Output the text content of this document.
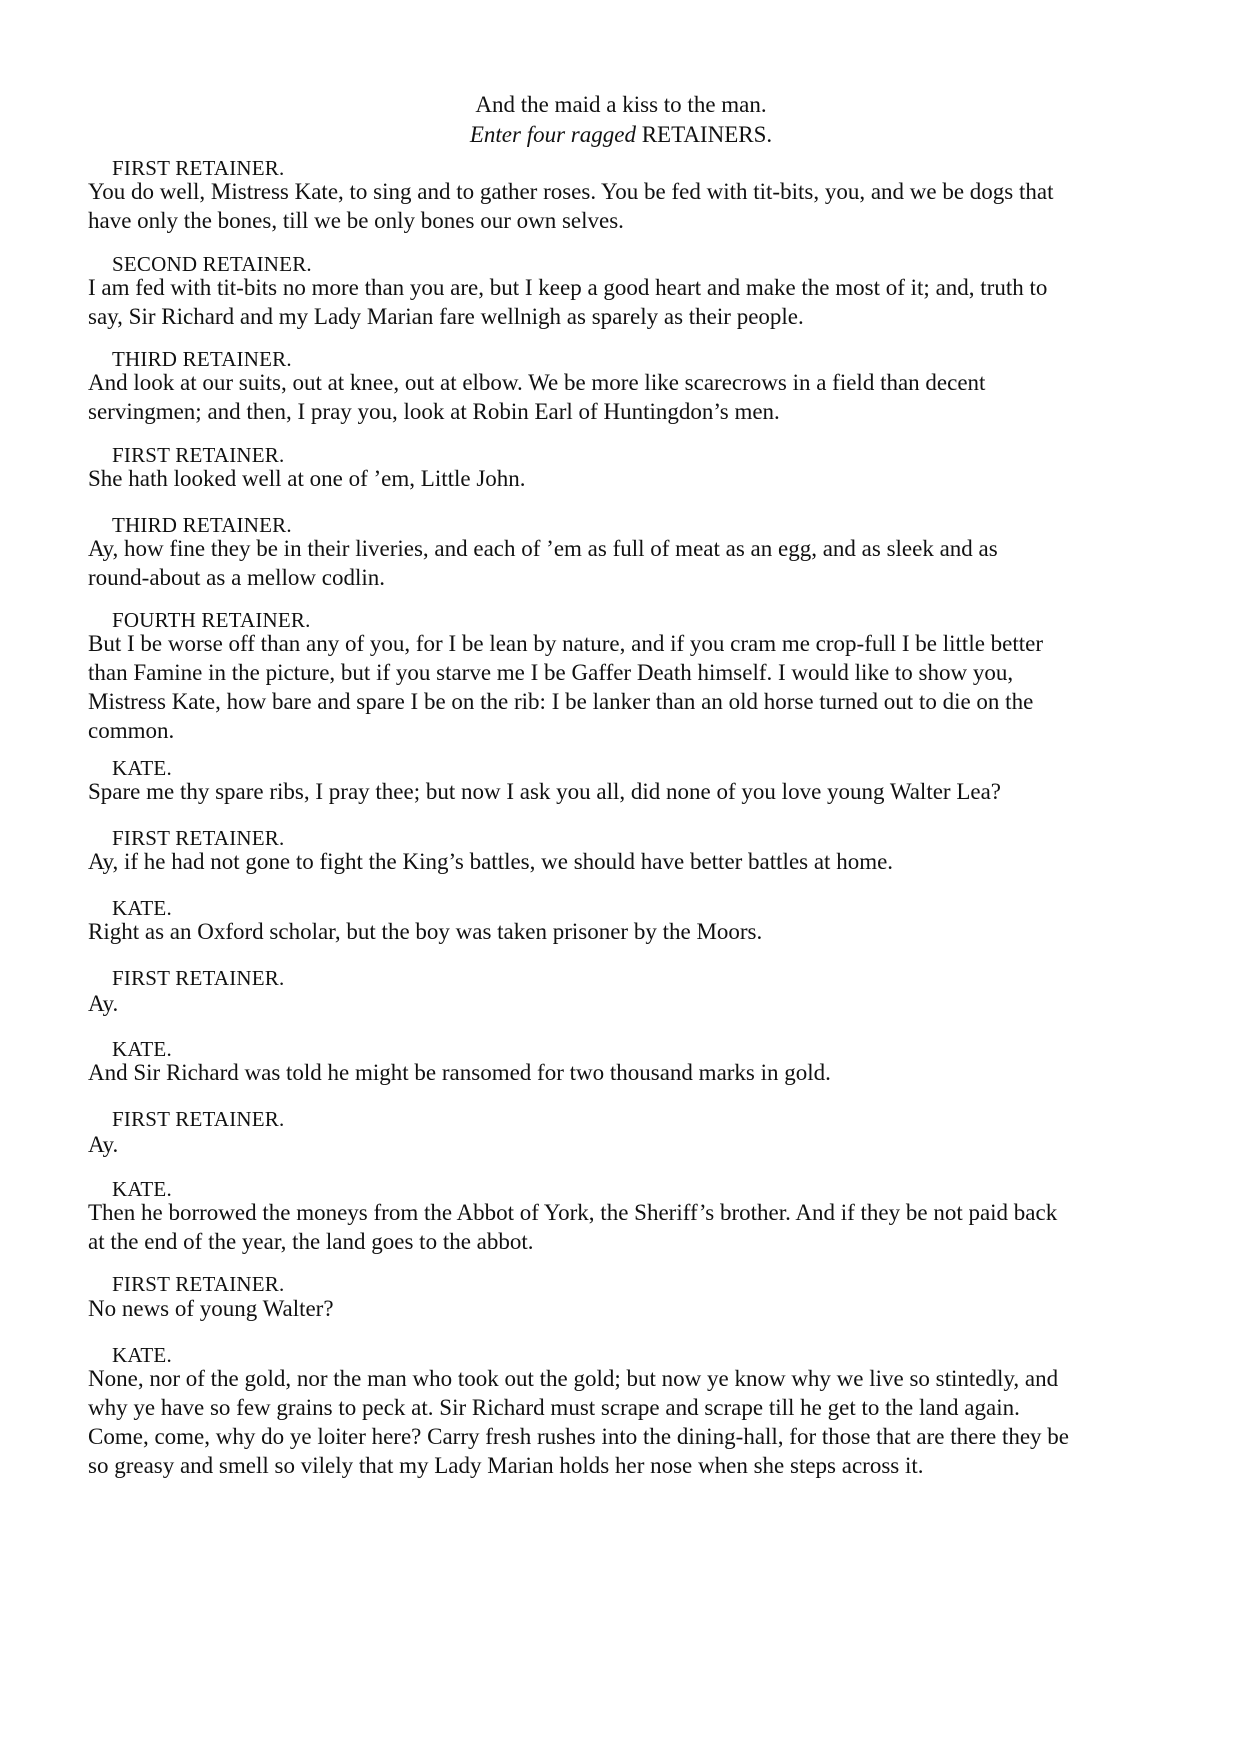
And the maid a kiss to the man.
Enter four ragged RETAINERS.
FIRST RETAINER.
You do well, Mistress Kate, to sing and to gather roses. You be fed with tit-bits, you, and we be dogs that
have only the bones, till we be only bones our own selves.
SECOND RETAINER.
I am fed with tit-bits no more than you are, but I keep a good heart and make the most of it; and, truth to
say, Sir Richard and my Lady Marian fare wellnigh as sparely as their people.
THIRD RETAINER.
And look at our suits, out at knee, out at elbow. We be more like scarecrows in a field than decent
servingmen; and then, I pray you, look at Robin Earl of Huntingdon’s men.
FIRST RETAINER.
She hath looked well at one of ’em, Little John.
THIRD RETAINER.
Ay, how fine they be in their liveries, and each of ’em as full of meat as an egg, and as sleek and as
round-about as a mellow codlin.
FOURTH RETAINER.
But I be worse off than any of you, for I be lean by nature, and if you cram me crop-full I be little better
than Famine in the picture, but if you starve me I be Gaffer Death himself. I would like to show you,
Mistress Kate, how bare and spare I be on the rib: I be lanker than an old horse turned out to die on the
common.
KATE.
Spare me thy spare ribs, I pray thee; but now I ask you all, did none of you love young Walter Lea?
FIRST RETAINER.
Ay, if he had not gone to fight the King’s battles, we should have better battles at home.
KATE.
Right as an Oxford scholar, but the boy was taken prisoner by the Moors.
FIRST RETAINER.
Ay.
KATE.
And Sir Richard was told he might be ransomed for two thousand marks in gold.
FIRST RETAINER.
Ay.
KATE.
Then he borrowed the moneys from the Abbot of York, the Sheriff’s brother. And if they be not paid back
at the end of the year, the land goes to the abbot.
FIRST RETAINER.
No news of young Walter?
KATE.
None, nor of the gold, nor the man who took out the gold; but now ye know why we live so stintedly, and
why ye have so few grains to peck at. Sir Richard must scrape and scrape till he get to the land again.
Come, come, why do ye loiter here? Carry fresh rushes into the dining-hall, for those that are there they be
so greasy and smell so vilely that my Lady Marian holds her nose when she steps across it.
